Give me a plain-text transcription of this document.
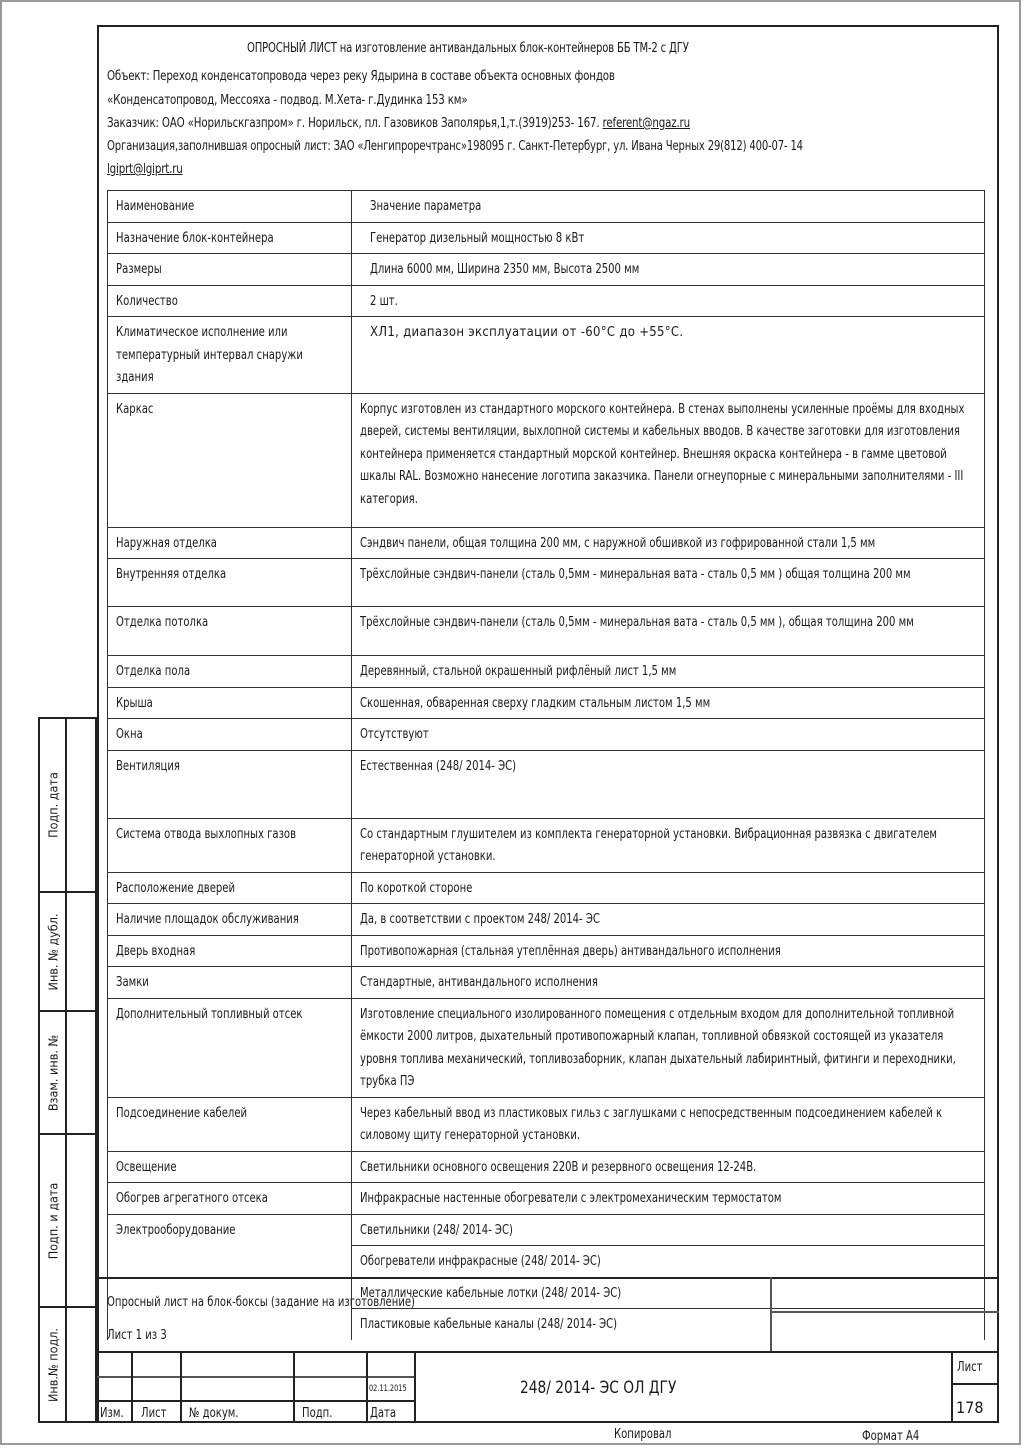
ОПРОСНЫЙ ЛИСТ на изготовление антивандальных блок-контейнеров ББ ТМ-2 с ДГУ
Объект: Переход конденсатопровода через реку Ядырина в составе объекта основных фондов
«Конденсатопровод, Мессояха - подвод. М.Хета- г.Дудинка 153 км»
Заказчик: ОАО «Норильскгазпром» г. Норильск, пл. Газовиков Заполярья,1,т.(3919)253- 167. referent@ngaz.ru
Организация,заполнившая опросный лист: ЗАО «Ленгипроречтранс»198095 г. Санкт-Петербург, ул. Ивана Черных 29(812) 400-07- 14
lgiprt@lgiprt.ru
Наименование	Значение параметра
Назначение блок-контейнера	Генератор дизельный мощностью 8 кВт
Размеры	Длина 6000 мм, Ширина 2350 мм, Высота 2500 мм
Количество	2 шт.

Климатическое исполнение или температурный интервал снаружи здания	ХЛ1, диапазон эксплуатации от -60°С до +55°С.
Каркас	Корпус изготовлен из стандартного морского контейнера. В стенах выполнены усиленные проёмы для входных дверей, системы вентиляции, выхлопной системы и кабельных вводов. В качестве заготовки для изготовления контейнера применяется стандартный морской контейнер. Внешняя окраска контейнера - в гамме цветовой шкалы RAL. Возможно нанесение логотипа заказчика. Панели огнеупорные с минеральными заполнителями - III категория.

Наружная отделка	Сэндвич панели, общая толщина 200 мм, с наружной обшивкой из гофрированной стали 1,5 мм
Внутренняя отделка	Трёхслойные сэндвич-панели (сталь 0,5мм - минеральная вата - сталь 0,5 мм ) общая толщина 200 мм

Отделка потолка	Трёхслойные сэндвич-панели (сталь 0,5мм - минеральная вата - сталь 0,5 мм ), общая толщина 200 мм

Отделка пола	Деревянный, стальной окрашенный рифлёный лист 1,5 мм
Крыша	Скошенная, обваренная сверху гладким стальным листом 1,5 мм
Окна	Отсутствуют
Вентиляция	Естественная (248/ 2014- ЭС)
Система отвода выхлопных газов	Со стандартным глушителем из комплекта генераторной установки. Вибрационная развязка с двигателем генераторной установки.

Расположение дверей	По короткой стороне
Наличие площадок обслуживания	Да, в соответствии с проектом 248/ 2014- ЭС
Дверь входная	Противопожарная (стальная утеплённая дверь) антивандального исполнения
Замки	Стандартные, антивандального исполнения
Дополнительный топливный отсек	Изготовление специального изолированного помещения с отдельным входом для дополнительной топливной ёмкости 2000 литров, дыхательный противопожарный клапан, топливной обвязкой состоящей из указателя уровня топлива механический, топливозаборник, клапан дыхательный лабиринтный, фитинги и переходники, трубка ПЭ

Подсоединение кабелей	Через кабельный ввод из пластиковых гильз с заглушками с непосредственным подсоединением кабелей к силовому щиту генераторной установки.

Освещение	Светильники основного освещения 220В и резервного освещения 12-24В.
Обогрев агрегатного отсека	Инфракрасные настенные обогреватели с электромеханическим термостатом
Электрооборудование	Светильники (248/ 2014- ЭС)
	Обогреватели инфракрасные (248/ 2014- ЭС)
	Металлические кабельные лотки (248/ 2014- ЭС)
	Пластиковые кабельные каналы (248/ 2014- ЭС)
Подп. дата
Инв. № дубл.
Взам. инв. №
Подп. и дата
Инв.№ подл.
Опросный лист на блок-боксы (задание на изготовление)
Лист 1 из 3
02.11.2015
Изм. Лист № докум.	Подп.	Дата
248/ 2014- ЭС ОЛ ДГУ
Лист
178
Копировал	Формат А4
